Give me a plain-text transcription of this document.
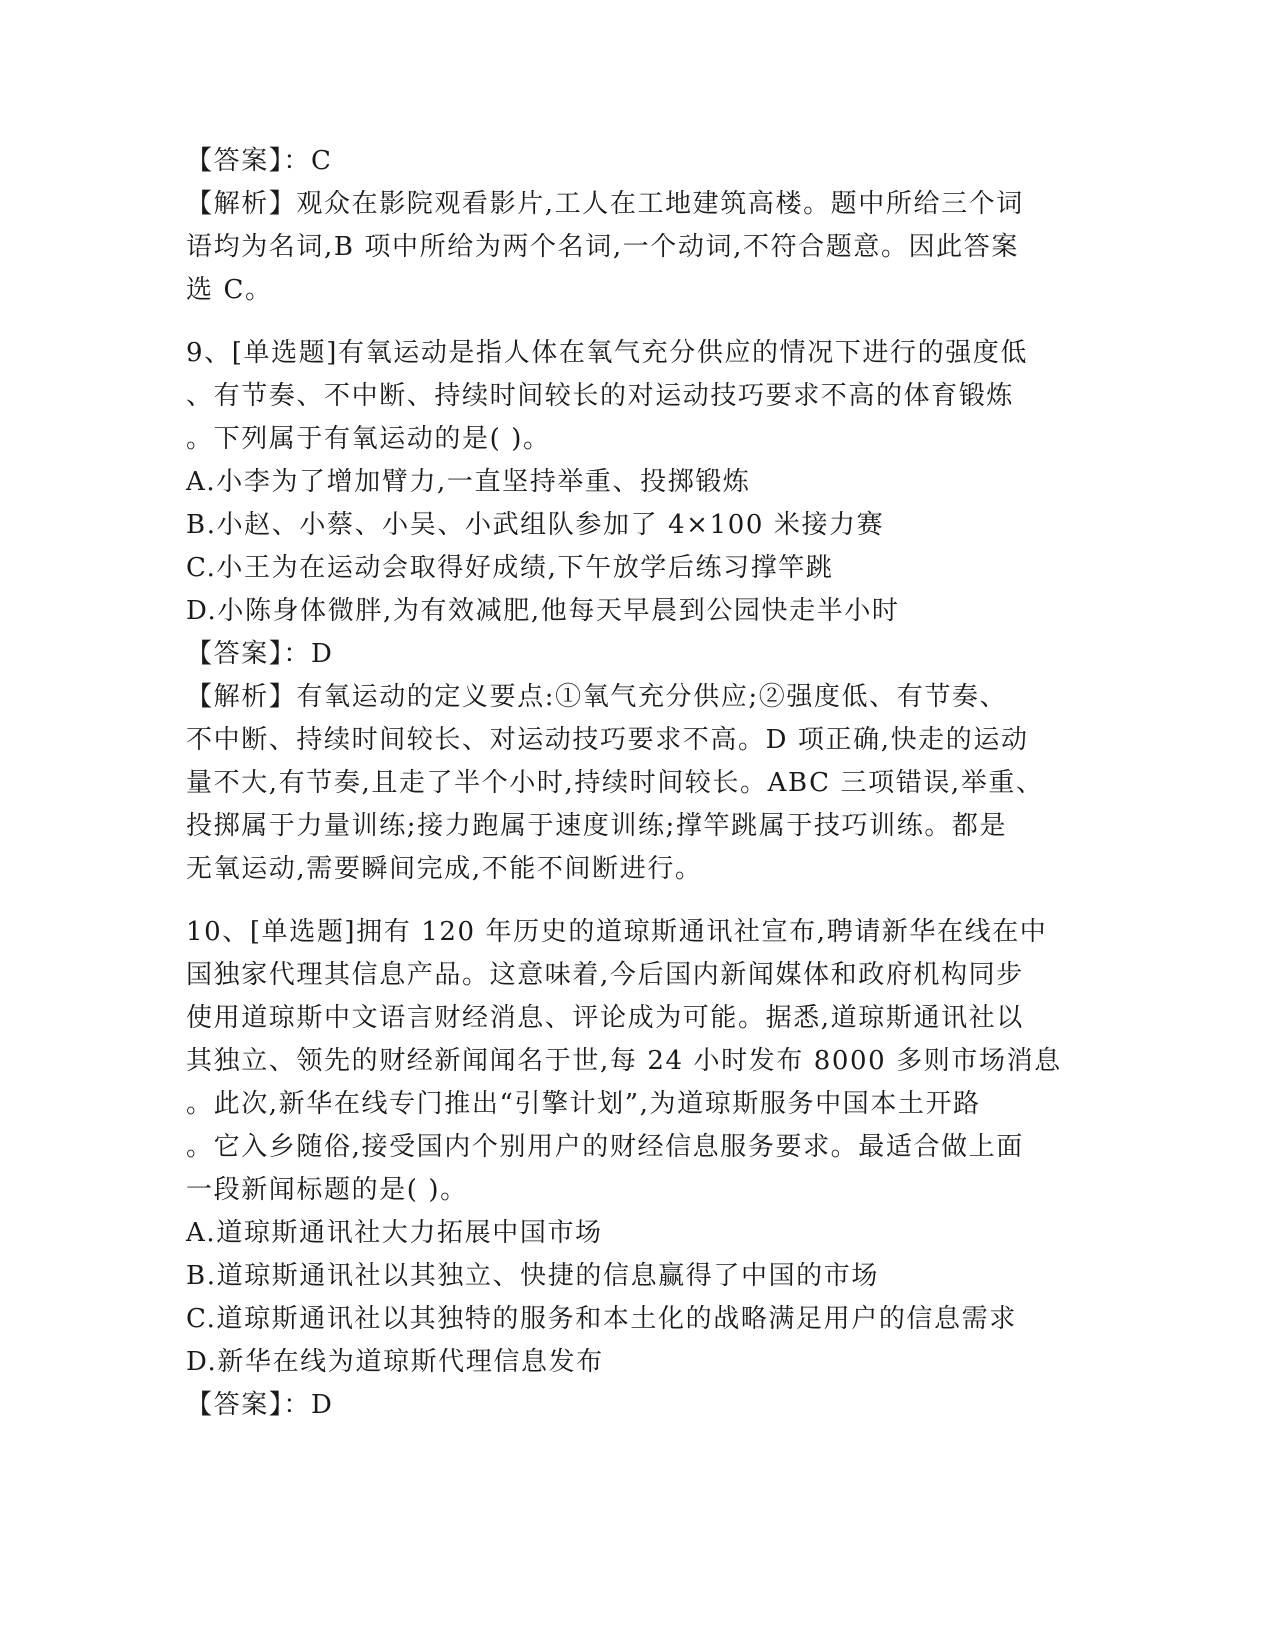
【答案】：C
【解析】观众在影院观看影片,工人在工地建筑高楼。题中所给三个词
语均为名词,B 项中所给为两个名词,一个动词,不符合题意。因此答案
选 C。
9、[单选题]有氧运动是指人体在氧气充分供应的情况下进行的强度低
、有节奏、不中断、持续时间较长的对运动技巧要求不高的体育锻炼
。下列属于有氧运动的是( )。
A.小李为了增加臂力,一直坚持举重、投掷锻炼
B.小赵、小蔡、小吴、小武组队参加了 4×100 米接力赛
C.小王为在运动会取得好成绩,下午放学后练习撑竿跳
D.小陈身体微胖,为有效减肥,他每天早晨到公园快走半小时
【答案】：D
【解析】有氧运动的定义要点:①氧气充分供应;②强度低、有节奏、
不中断、持续时间较长、对运动技巧要求不高。D 项正确,快走的运动
量不大,有节奏,且走了半个小时,持续时间较长。ABC 三项错误,举重、
投掷属于力量训练;接力跑属于速度训练;撑竿跳属于技巧训练。都是
无氧运动,需要瞬间完成,不能不间断进行。
10、[单选题]拥有 120 年历史的道琼斯通讯社宣布,聘请新华在线在中
国独家代理其信息产品。这意味着,今后国内新闻媒体和政府机构同步
使用道琼斯中文语言财经消息、评论成为可能。据悉,道琼斯通讯社以
其独立、领先的财经新闻闻名于世,每 24 小时发布 8000 多则市场消息
。此次,新华在线专门推出“引擎计划”,为道琼斯服务中国本土开路
。它入乡随俗,接受国内个别用户的财经信息服务要求。最适合做上面
一段新闻标题的是( )。
A.道琼斯通讯社大力拓展中国市场
B.道琼斯通讯社以其独立、快捷的信息赢得了中国的市场
C.道琼斯通讯社以其独特的服务和本土化的战略满足用户的信息需求
D.新华在线为道琼斯代理信息发布
【答案】：D
